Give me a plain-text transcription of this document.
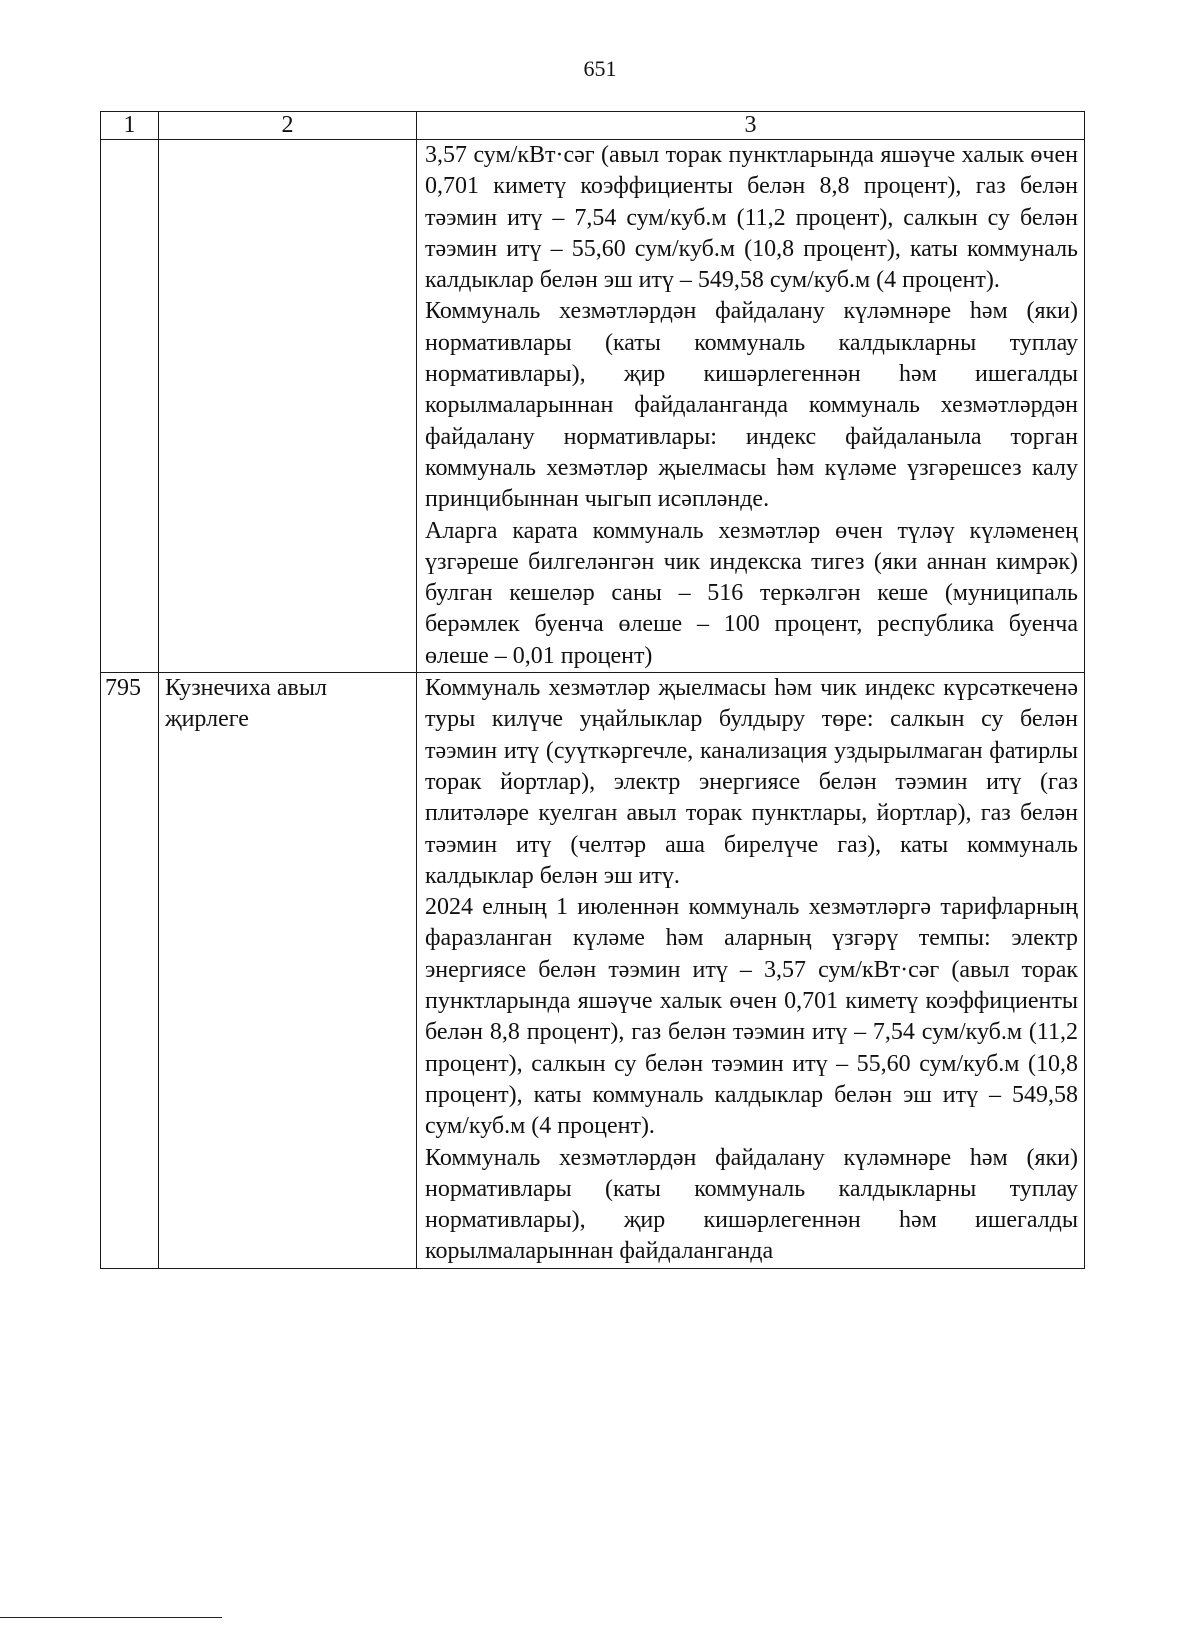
651
1	2	3

		3,57 сум/кВт·сәг (авыл торак пунктларында яшәүче халык өчен 0,701 киметү коэффициенты белән 8,8 процент), газ белән тәэмин итү – 7,54 сум/куб.м (11,2 процент), салкын су белән тәэмин итү – 55,60 сум/куб.м (10,8 процент), каты коммуналь калдыклар белән эш итү – 549,58 сум/куб.м (4 процент).

Коммуналь хезмәтләрдән файдалану күләмнәре һәм (яки) нормативлары (каты коммуналь калдыкларны туплау нормативлары), җир кишәрлегеннән һәм ишегалды корылмаларыннан файдаланганда коммуналь хезмәтләрдән файдалану нормативлары: индекс файдаланыла торган коммуналь хезмәтләр җыелмасы һәм күләме үзгәрешсез калу принцибыннан чыгып исәпләнде.

Аларга карата коммуналь хезмәтләр өчен түләү күләменең үзгәреше билгеләнгән чик индекска тигез (яки аннан кимрәк) булган кешеләр саны – 516 теркәлгән кеше (муниципаль берәмлек буенча өлеше – 100 процент, республика буенча өлеше – 0,01 процент)

795	Кузнечиха авыл җирлеге	Коммуналь хезмәтләр җыелмасы һәм чик индекс күрсәткеченә туры килүче уңайлыклар булдыру төре: салкын су белән тәэмин итү (суүткәргечле, канализация уздырылмаган фатирлы торак йортлар), электр энергиясе белән тәэмин итү (газ плитәләре куелган авыл торак пунктлары, йортлар), газ белән тәэмин итү (челтәр аша бирелүче газ), каты коммуналь калдыклар белән эш итү.

2024 елның 1 июленнән коммуналь хезмәтләргә тарифларның фаразланган күләме һәм аларның үзгәрү темпы: электр энергиясе белән тәэмин итү – 3,57 сум/кВт·сәг (авыл торак пунктларында яшәүче халык өчен 0,701 киметү коэффициенты белән 8,8 процент), газ белән тәэмин итү – 7,54 сум/куб.м (11,2 процент), салкын су белән тәэмин итү – 55,60 сум/куб.м (10,8 процент), каты коммуналь калдыклар белән эш итү – 549,58 сум/куб.м (4 процент).

Коммуналь хезмәтләрдән файдалану күләмнәре һәм (яки) нормативлары (каты коммуналь калдыкларны туплау нормативлары), җир кишәрлегеннән һәм ишегалды корылмаларыннан файдаланганда
